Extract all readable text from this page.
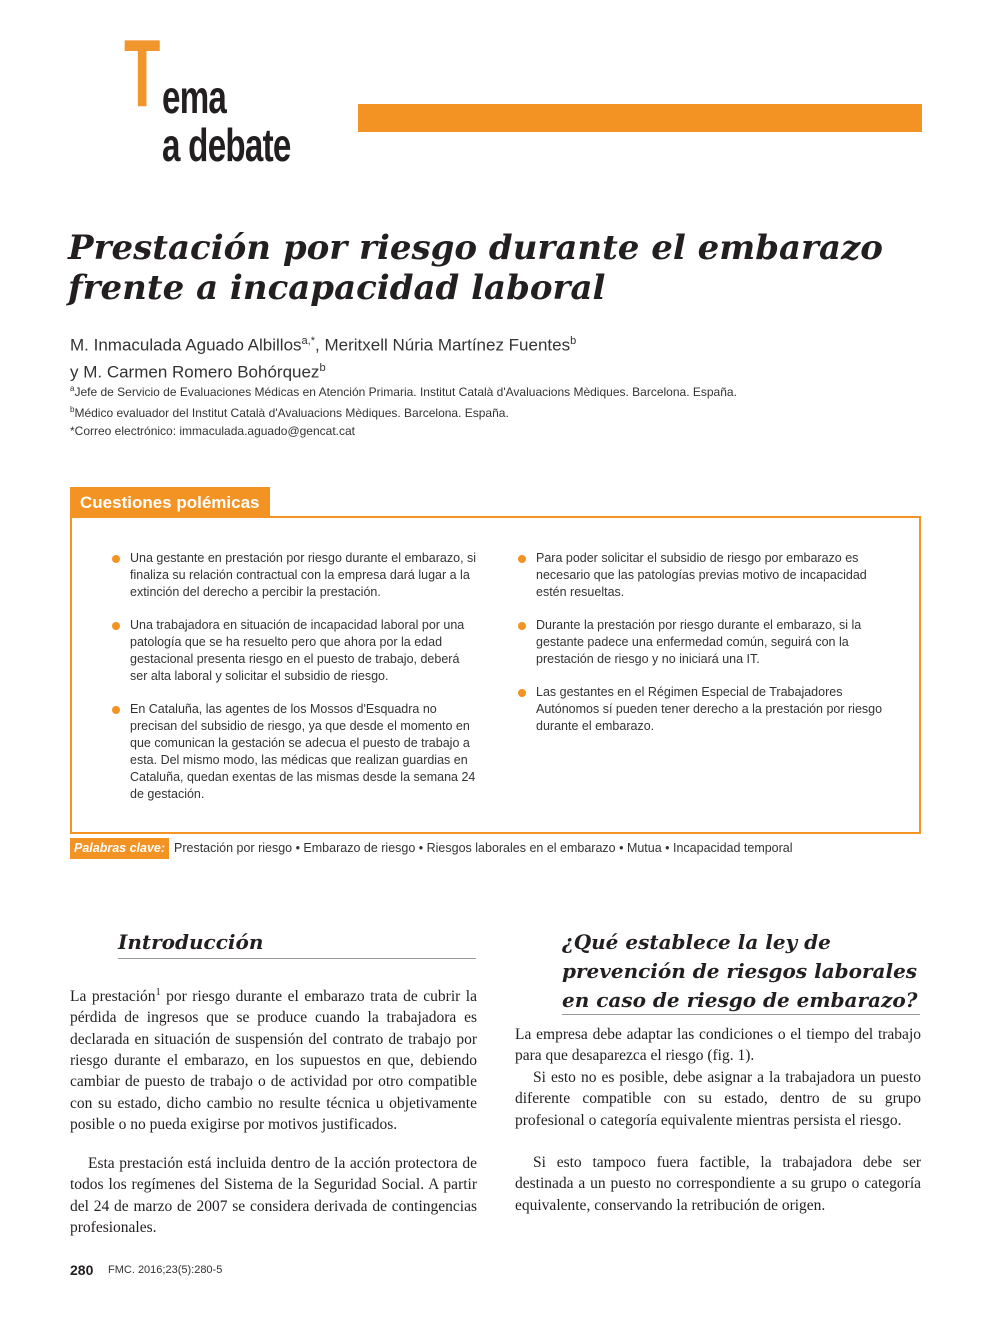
T ema
a debate
Prestación por riesgo durante el embarazo
frente a incapacidad laboral
M. Inmaculada Aguado Albillos$^{a,*}$, Meritxell Núria Martínez Fuentes$^b$
y M. Carmen Romero Bohórquez$^b$
$^a$Jefe de Servicio de Evaluaciones Médicas en Atención Primaria. Institut Català d'Avaluacions Mèdiques. Barcelona. España.
$^b$Médico evaluador del Institut Català d'Avaluacions Mèdiques. Barcelona. España.
*Correo electrónico: immaculada.aguado@gencat.cat
Cuestiones polémicas
Una gestante en prestación por riesgo durante el embarazo, si finaliza su relación contractual con la empresa dará lugar a la extinción del derecho a percibir la prestación.
Una trabajadora en situación de incapacidad laboral por una patología que se ha resuelto pero que ahora por la edad gestacional presenta riesgo en el puesto de trabajo, deberá ser alta laboral y solicitar el subsidio de riesgo.
En Cataluña, las agentes de los Mossos d'Esquadra no precisan del subsidio de riesgo, ya que desde el momento en que comunican la gestación se adecua el puesto de trabajo a esta. Del mismo modo, las médicas que realizan guardias en Cataluña, quedan exentas de las mismas desde la semana 24 de gestación.
Para poder solicitar el subsidio de riesgo por embarazo es necesario que las patologías previas motivo de incapacidad estén resueltas.
Durante la prestación por riesgo durante el embarazo, si la gestante padece una enfermedad común, seguirá con la prestación de riesgo y no iniciará una IT.
Las gestantes en el Régimen Especial de Trabajadores Autónomos sí pueden tener derecho a la prestación por riesgo durante el embarazo.
Palabras clave: Prestación por riesgo • Embarazo de riesgo • Riesgos laborales en el embarazo • Mutua • Incapacidad temporal
Introducción	¿Qué establece la ley de prevención de riesgos laborales en caso de riesgo de embarazo?

La prestación$^1$ por riesgo durante el embarazo trata de cubrir la pérdida de ingresos que se produce cuando la trabajadora es declarada en situación de suspensión del contrato de trabajo por riesgo durante el embarazo, en los supuestos en que, debiendo cambiar de puesto de trabajo o de actividad por otro compatible con su estado, dicho cambio no resulte técnica u objetivamente posible o no pueda exigirse por motivos justificados.

Esta prestación está incluida dentro de la acción protectora de todos los regímenes del Sistema de la Seguridad Social. A partir del 24 de marzo de 2007 se considera derivada de contingencias profesionales.

La empresa debe adaptar las condiciones o el tiempo del trabajo para que desaparezca el riesgo (fig. 1).

Si esto no es posible, debe asignar a la trabajadora un puesto diferente compatible con su estado, dentro de su grupo profesional o categoría equivalente mientras persista el riesgo.

Si esto tampoco fuera factible, la trabajadora debe ser destinada a un puesto no correspondiente a su grupo o categoría equivalente, conservando la retribución de origen.

280 FMC. 2016;23(5):280-5
